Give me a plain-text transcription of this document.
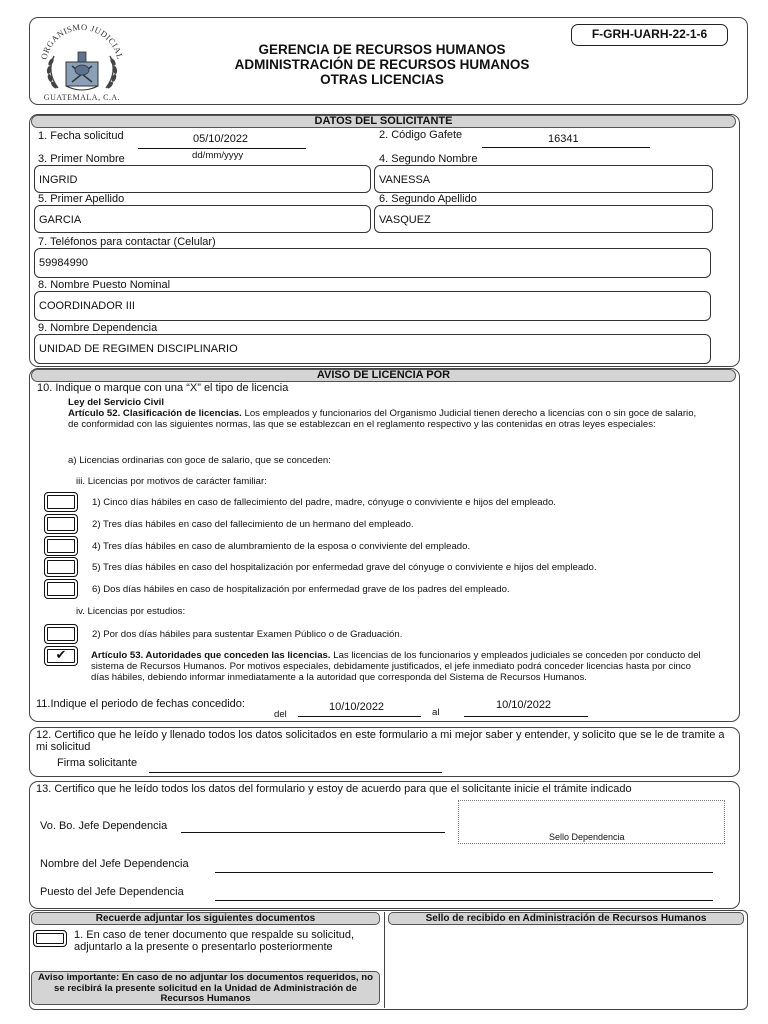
ORGANISMO JUDICIAL
GUATEMALA, C.A.
GERENCIA DE RECURSOS HUMANOS
ADMINISTRACIÓN DE RECURSOS HUMANOS
OTRAS LICENCIAS
F-GRH-UARH-22-1-6
DATOS DEL SOLICITANTE
1. Fecha solicitud	05/10/2022
dd/mm/yyyy
2. Código Gafete	16341
3. Primer Nombre
INGRID
4. Segundo Nombre
VANESSA
5. Primer Apellido
GARCIA
6. Segundo Apellido
VASQUEZ
7. Teléfonos para contactar (Celular)
59984990
8. Nombre Puesto Nominal
COORDINADOR III
9. Nombre Dependencia
UNIDAD DE REGIMEN DISCIPLINARIO
AVISO DE LICENCIA POR
10. Indique o marque con una “X” el tipo de licencia
Ley del Servicio Civil
Artículo 52. Clasificación de licencias. Los empleados y funcionarios del Organismo Judicial tienen derecho a licencias con o sin goce de salario, de conformidad con las siguientes normas, las que se establezcan en el reglamento respectivo y las contenidas en otras leyes especiales:
a) Licencias ordinarias con goce de salario, que se conceden:
iii. Licencias por motivos de carácter familiar:
1) Cinco días hábiles en caso de fallecimiento del padre, madre, cónyuge o conviviente e hijos del empleado.
2) Tres días hábiles en caso del fallecimiento de un hermano del empleado.
4) Tres días hábiles en caso de alumbramiento de la esposa o conviviente del empleado.
5) Tres días hábiles en caso del hospitalización por enfermedad grave del cónyuge o conviviente e hijos del empleado.
6) Dos días hábiles en caso de hospitalización por enfermedad grave de los padres del empleado.
iv. Licencias por estudios:
2) Por dos días hábiles para sustentar Examen Público o de Graduación.
✔	Artículo 53. Autoridades que conceden las licencias. Las licencias de los funcionarios y empleados judiciales se conceden por conducto del sistema de Recursos Humanos. Por motivos especiales, debidamente justificados, el jefe inmediato podrá conceder licencias hasta por cinco días hábiles, debiendo informar inmediatamente a la autoridad que corresponda del Sistema de Recursos Humanos.
11.Indique el periodo de fechas concedido:
del
10/10/2022	al
10/10/2022
12. Certifico que he leído y llenado todos los datos solicitados en este formulario a mi mejor saber y entender, y solicito que se le de tramite a mi solicitud
Firma solicitante
13. Certifico que he leído todos los datos del formulario y estoy de acuerdo para que el solicitante inicie el trámite indicado
Vo. Bo. Jefe Dependencia
Sello Dependencia
Nombre del Jefe Dependencia
Puesto del Jefe Dependencia
Recuerde adjuntar los siguientes documentos
1. En caso de tener documento que respalde su solicitud, adjuntarlo a la presente o presentarlo posteriormente
Aviso importante: En caso de no adjuntar los documentos requeridos, no se recibirá la presente solicitud en la Unidad de Administración de Recursos Humanos
Sello de recibido en Administración de Recursos Humanos
